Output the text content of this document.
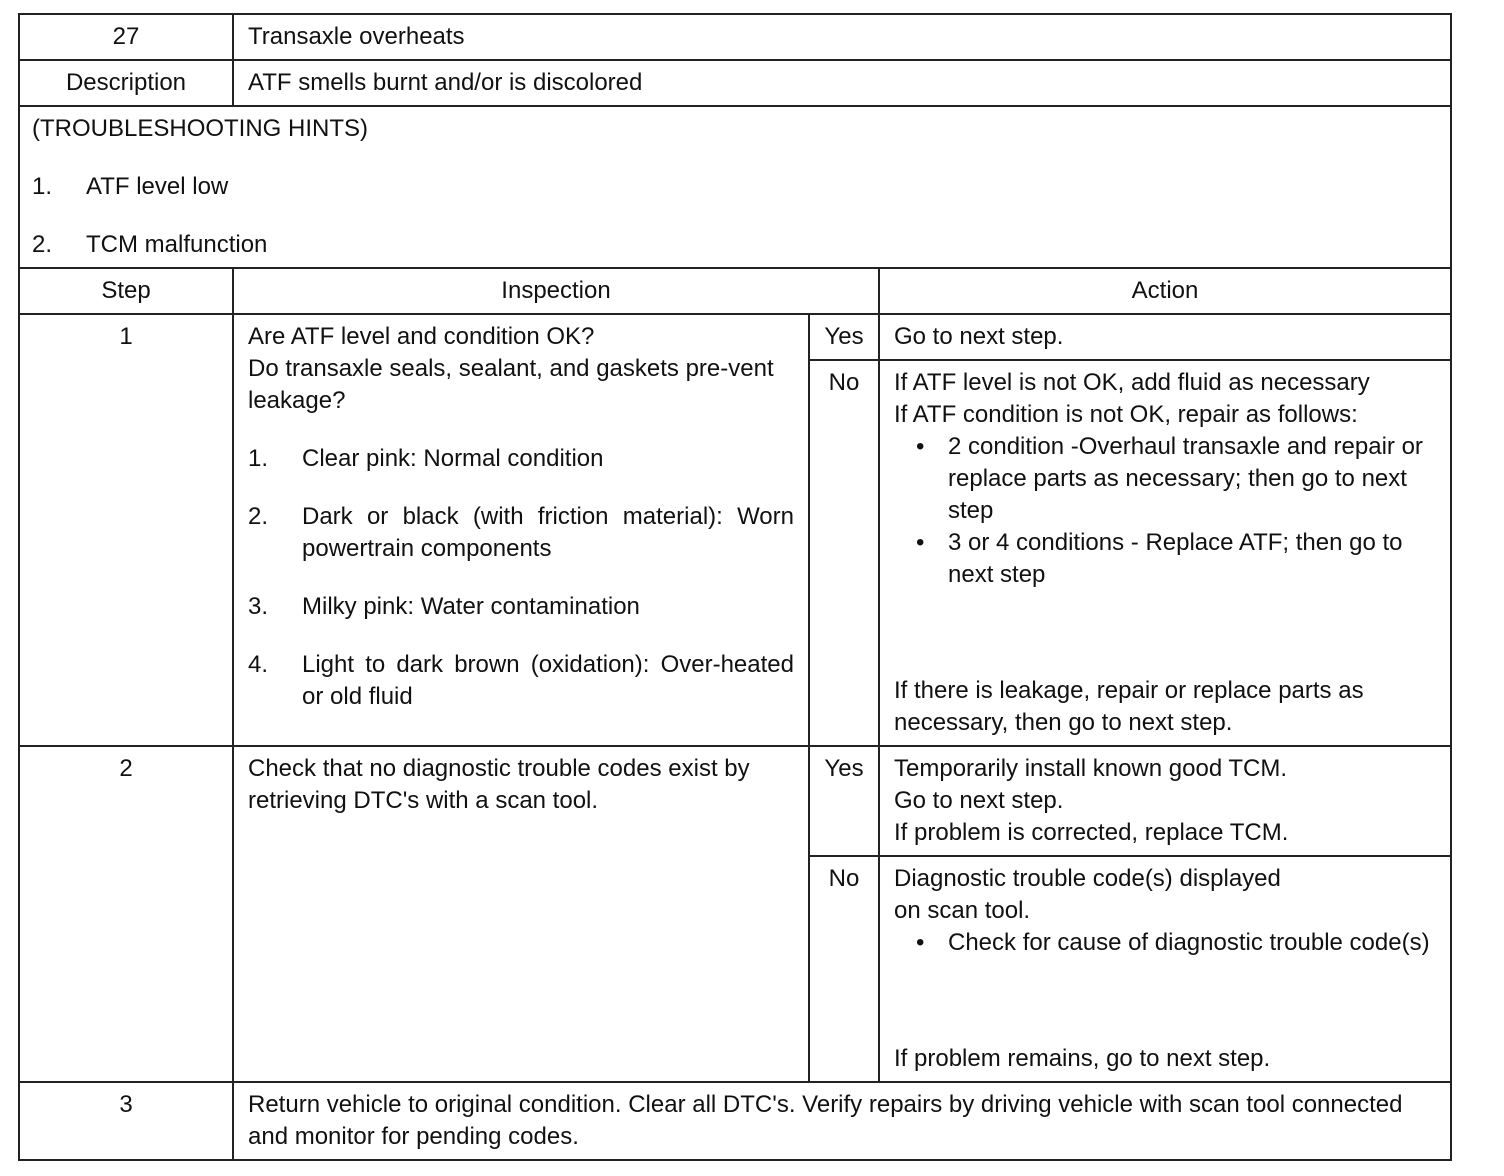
27	Transaxle overheats
Description	ATF smells burnt and/or is discolored
(TROUBLESHOOTING HINTS)
1.	ATF level low
2.	TCM malfunction
Step	Inspection	Action
1	Are ATF level and condition OK?
Do transaxle seals, sealant, and gaskets pre-vent leakage?
1.	Clear pink: Normal condition
2.	Dark or black (with friction material): Worn powertrain components
3.	Milky pink: Water contamination
4.	Light to dark brown (oxidation): Over-heated or old fluid
Yes	Go to next step.
No	If ATF level is not OK, add fluid as necessary
If ATF condition is not OK, repair as follows:
• 2 condition -Overhaul transaxle and repair or replace parts as necessary; then go to next step
• 3 or 4 conditions - Replace ATF; then go to next step
If there is leakage, repair or replace parts as necessary, then go to next step.
2	Check that no diagnostic trouble codes exist by retrieving DTC's with a scan tool.
Yes	Temporarily install known good TCM.
Go to next step.
If problem is corrected, replace TCM.
No	Diagnostic trouble code(s) displayed
on scan tool.
• Check for cause of diagnostic trouble code(s)
If problem remains, go to next step.
3	Return vehicle to original condition. Clear all DTC's. Verify repairs by driving vehicle with scan tool connected and monitor for pending codes.
